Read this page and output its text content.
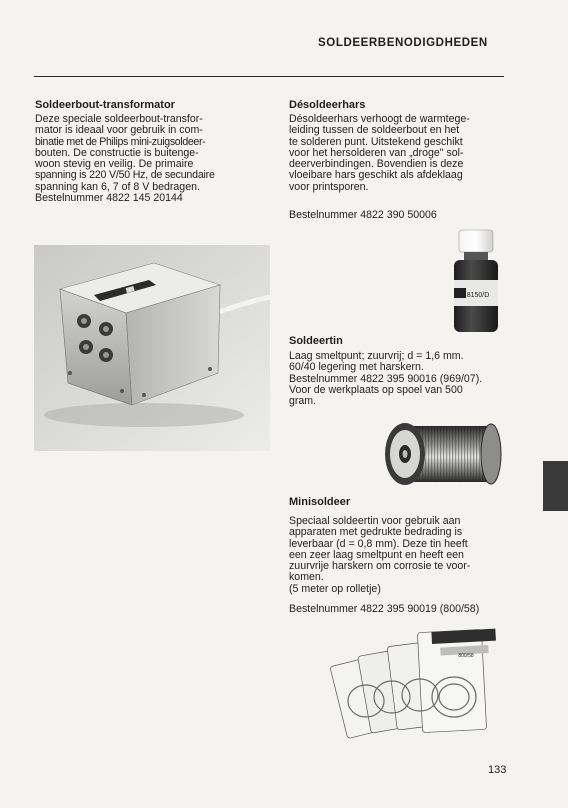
SOLDEERBENODIGDHEDEN
Soldeerbout-transformator
Deze speciale soldeerbout-transfor-
mator is ideaal voor gebruik in com-
binatie met de Philips mini-zuigsoldeer-
bouten. De constructie is buitenge-
woon stevig en veilig. De primaire
spanning is 220 V/50 Hz, de secundaire
spanning kan 6, 7 of 8 V bedragen.
Bestelnummer 4822 145 20144
Désoldeerhars
Désoldeerhars verhoogt de warmtege-
leiding tussen de soldeerbout en het
te solderen punt. Uitstekend geschikt
voor het hersolderen van „droge" sol-
deerverbindingen. Bovendien is deze
vloeibare hars geschikt als afdeklaag
voor printsporen.
Bestelnummer 4822 390 50006
8150/D
Soldeertin
Laag smeltpunt; zuurvrij; d = 1,6 mm.
60/40 legering met harskern.
Bestelnummer 4822 395 90016 (969/07).
Voor de werkplaats op spoel van 500
gram.
Minisoldeer
Speciaal soldeertin voor gebruik aan
apparaten met gedrukte bedrading is
leverbaar (d = 0,8 mm). Deze tin heeft
een zeer laag smeltpunt en heeft een
zuurvrije harskern om corrosie te voor-
komen.
(5 meter op rolletje)
Bestelnummer 4822 395 90019 (800/58)
800/58
133
